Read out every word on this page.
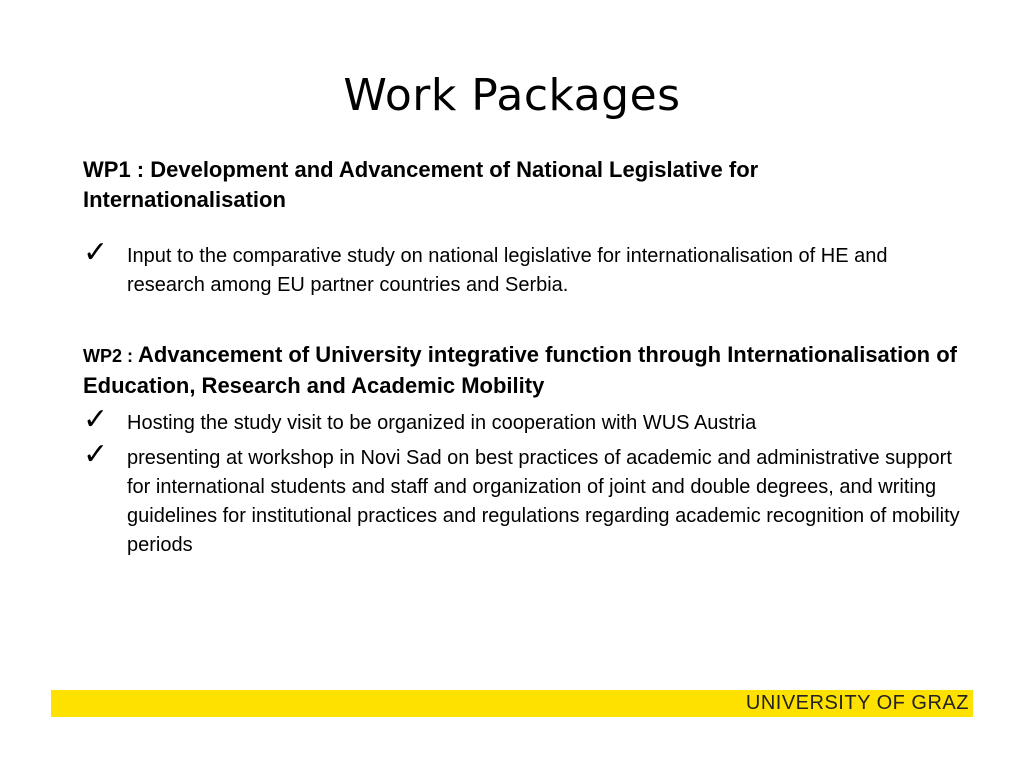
Work Packages
WP1 : Development and Advancement of National Legislative for Internationalisation
✓ Input to the comparative study on national legislative for internationalisation of HE and research among EU partner countries and Serbia.
WP2 : Advancement of University integrative function through Internationalisation of Education, Research and Academic Mobility
✓ Hosting the study visit to be organized in cooperation with WUS Austria
✓ presenting at workshop in Novi Sad on best practices of academic and administrative support for international students and staff and organization of joint and double degrees, and writing guidelines for institutional practices and regulations regarding academic recognition of mobility periods
UNIVERSITY OF GRAZ
